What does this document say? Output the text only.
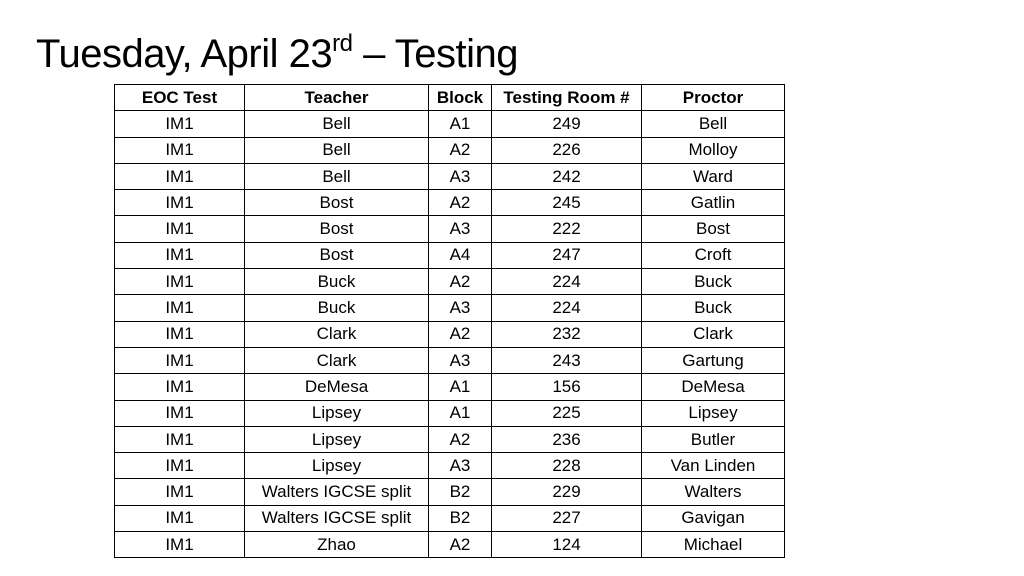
Tuesday, April 23rd – Testing
EOC Test	Teacher	Block	Testing Room #	Proctor
IM1	Bell	A1	249	Bell
IM1	Bell	A2	226	Molloy
IM1	Bell	A3	242	Ward
IM1	Bost	A2	245	Gatlin
IM1	Bost	A3	222	Bost
IM1	Bost	A4	247	Croft
IM1	Buck	A2	224	Buck
IM1	Buck	A3	224	Buck
IM1	Clark	A2	232	Clark
IM1	Clark	A3	243	Gartung
IM1	DeMesa	A1	156	DeMesa
IM1	Lipsey	A1	225	Lipsey
IM1	Lipsey	A2	236	Butler
IM1	Lipsey	A3	228	Van Linden
IM1	Walters IGCSE split	B2	229	Walters
IM1	Walters IGCSE split	B2	227	Gavigan
IM1	Zhao	A2	124	Michael
